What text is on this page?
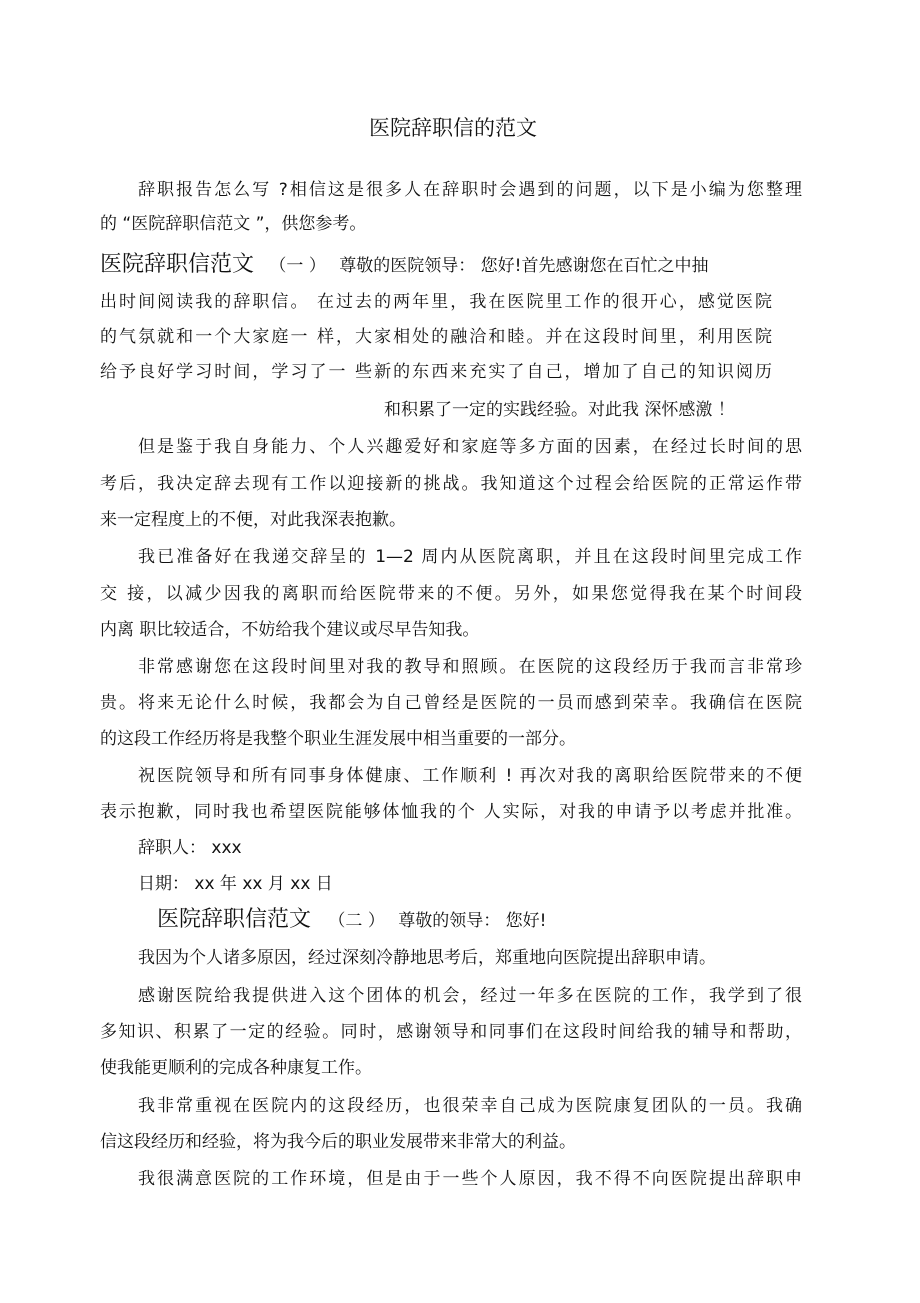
医院辞职信的范文
辞职报告怎么写 ?相信这是很多人在辞职时会遇到的问题，以下是小编为您整理
的 “医院辞职信范文 ”，供您参考。
医院辞职信范文 （一 ） 尊敬的医院领导： 您好!首先感谢您在百忙之中抽
出时间阅读我的辞职信。 在过去的两年里，我在医院里工作的很开心，感觉医院
的气氛就和一个大家庭一 样，大家相处的融洽和睦。并在这段时间里，利用医院
给予良好学习时间，学习了一 些新的东西来充实了自己，增加了自己的知识阅历
和积累了一定的实践经验。对此我 深怀感激 ！
但是鉴于我自身能力、个人兴趣爱好和家庭等多方面的因素，在经过长时间的思
考后，我决定辞去现有工作以迎接新的挑战。我知道这个过程会给医院的正常运作带
来一定程度上的不便，对此我深表抱歉。
我已准备好在我递交辞呈的 1—2 周内从医院离职，并且在这段时间里完成工作
交 接，以减少因我的离职而给医院带来的不便。另外，如果您觉得我在某个时间段
内离 职比较适合，不妨给我个建议或尽早告知我。
非常感谢您在这段时间里对我的教导和照顾。在医院的这段经历于我而言非常珍
贵。将来无论什么时候，我都会为自己曾经是医院的一员而感到荣幸。我确信在医院
的这段工作经历将是我整个职业生涯发展中相当重要的一部分。
祝医院领导和所有同事身体健康、工作顺利 ! 再次对我的离职给医院带来的不便
表示抱歉，同时我也希望医院能够体恤我的个 人实际，对我的申请予以考虑并批准。
辞职人： xxx
日期： xx 年 xx 月 xx 日
医院辞职信范文 （二 ） 尊敬的领导： 您好!
我因为个人诸多原因，经过深刻冷静地思考后，郑重地向医院提出辞职申请。
感谢医院给我提供进入这个团体的机会，经过一年多在医院的工作，我学到了很
多知识、积累了一定的经验。同时，感谢领导和同事们在这段时间给我的辅导和帮助，
使我能更顺利的完成各种康复工作。
我非常重视在医院内的这段经历，也很荣幸自己成为医院康复团队的一员。我确
信这段经历和经验，将为我今后的职业发展带来非常大的利益。
我很满意医院的工作环境，但是由于一些个人原因，我不得不向医院提出辞职申
